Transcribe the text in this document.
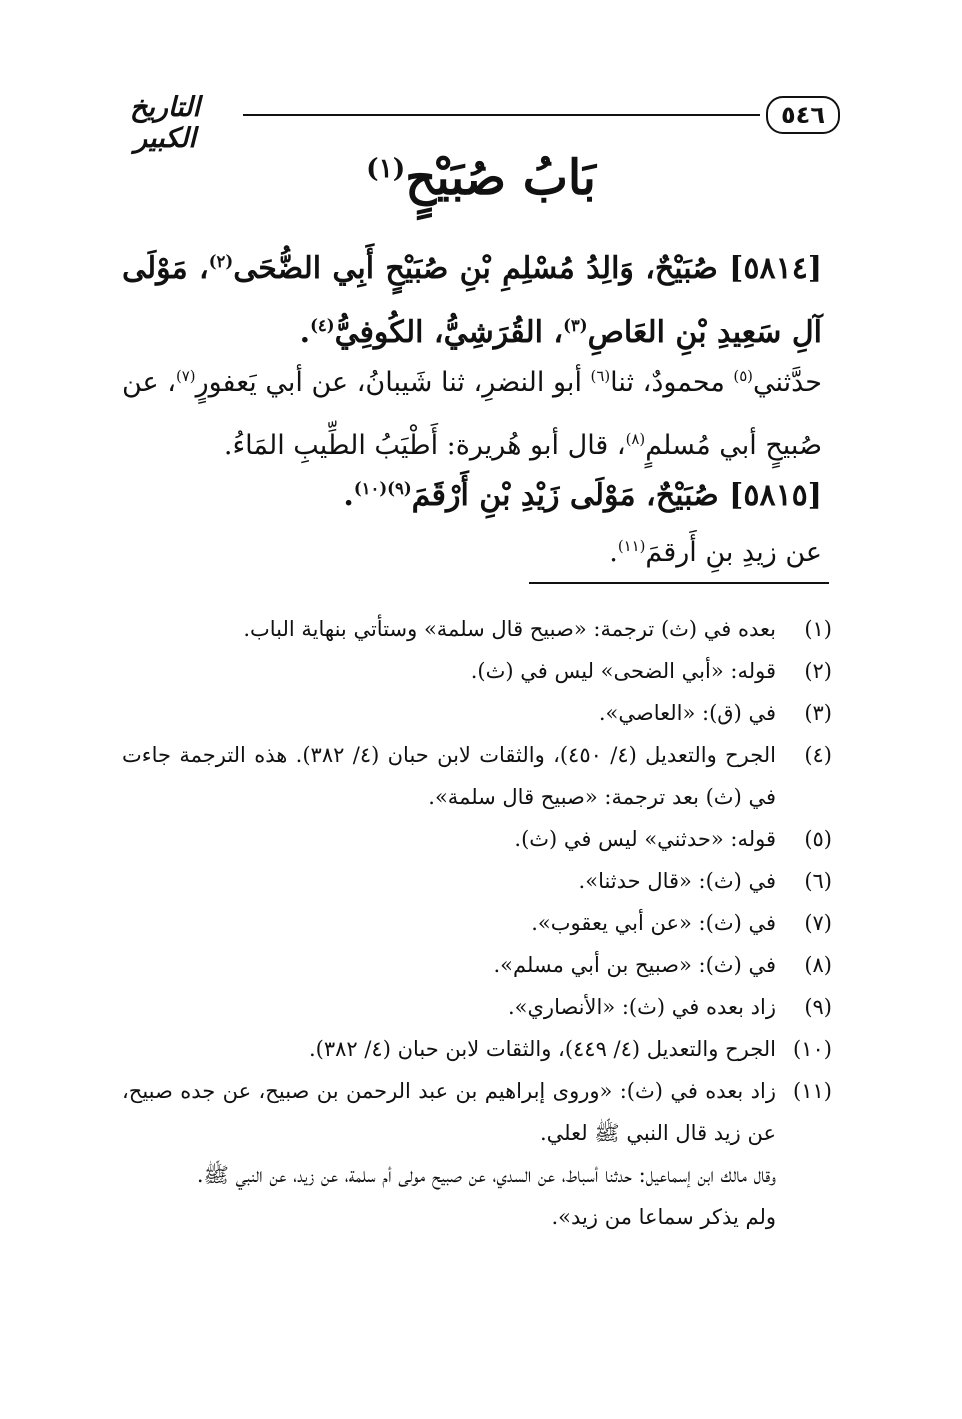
٥٤٦
التاريخ الكبير
بَابُ صُبَيْحٍ$^{(١)}$
[٥٨١٤] صُبَيْحٌ، وَالِدُ مُسْلِمِ بْنِ صُبَيْحٍ أَبِي الضُّحَى$^{(٢)}$، مَوْلَى آلِ سَعِيدِ بْنِ العَاصِ$^{(٣)}$، القُرَشِيُّ، الكُوفِيُّ$^{(٤)}$.
حدَّثني$^{(٥)}$ محمودٌ، ثنا$^{(٦)}$ أبو النضرِ، ثنا شَيبانُ، عن أبي يَعفورٍ$^{(٧)}$، عن صُبيحٍ أبي مُسلمٍ$^{(٨)}$، قال أبو هُريرة: أَطْيَبُ الطِّيبِ المَاءُ.
[٥٨١٥] صُبَيْحٌ، مَوْلَى زَيْدِ بْنِ أَرْقَمَ$^{(٩)(١٠)}$.
عن زيدِ بنِ أَرقمَ$^{(١١)}$.
(١)
بعده في (ث) ترجمة: «صبيح قال سلمة» وستأتي بنهاية الباب.
(٢)
قوله: «أبي الضحى» ليس في (ث).
(٣)
في (ق): «العاصي».
(٤)
الجرح والتعديل (٤/ ٤٥٠)، والثقات لابن حبان (٤/ ٣٨٢). هذه الترجمة جاءت في (ث) بعد ترجمة: «صبيح قال سلمة».
(٥)
قوله: «حدثني» ليس في (ث).
(٦)
في (ث): «قال حدثنا».
(٧)
في (ث): «عن أبي يعقوب».
(٨)
في (ث): «صبيح بن أبي مسلم».
(٩)
زاد بعده في (ث): «الأنصاري».
(١٠)
الجرح والتعديل (٤/ ٤٤٩)، والثقات لابن حبان (٤/ ٣٨٢).
(١١)
زاد بعده في (ث): «وروى إبراهيم بن عبد الرحمن بن صبيح، عن جده صبيح، عن زيد قال النبي ﷺ لعلي.
وقال مالك ابن إسماعيل: حدثنا أسباط، عن السدي، عن صبيح مولى أم سلمة، عن زيد، عن النبي ﷺ.
ولم يذكر سماعا من زيد».
